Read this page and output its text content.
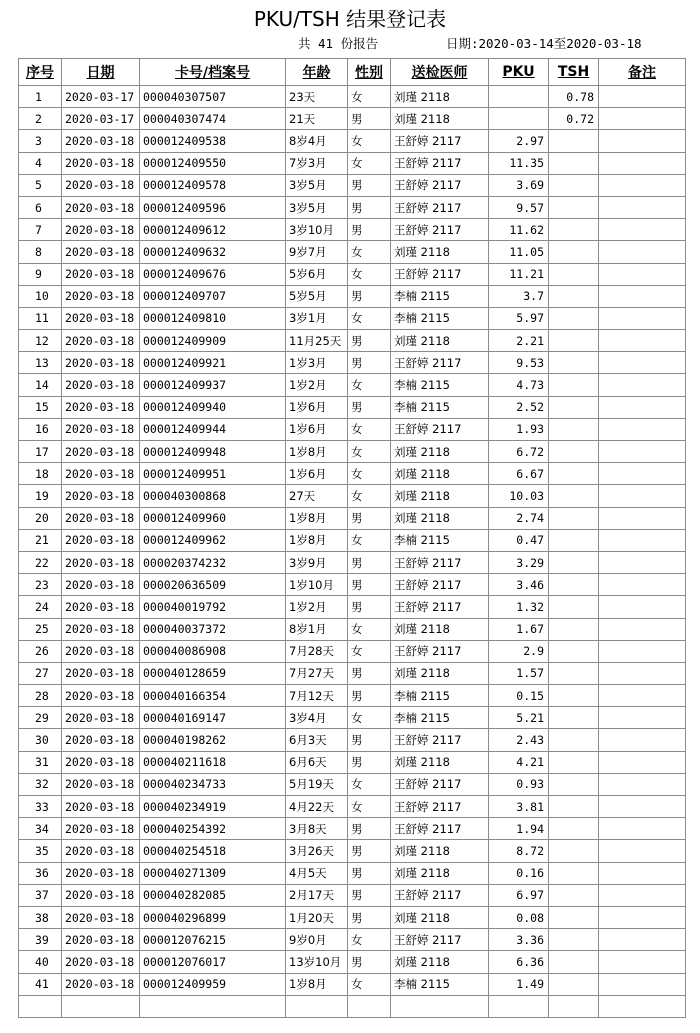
PKU/TSH 结果登记表
共 41 份报告	日期:2020-03-14至2020-03-18
序号	日期	卡号/档案号	年龄	性别	送检医师	PKU	TSH	备注
1	2020-03-17	000040307507	23天	女	刘瑾 2118		0.78	
2	2020-03-17	000040307474	21天	男	刘瑾 2118		0.72	
3	2020-03-18	000012409538	8岁4月	女	王舒婷 2117	2.97		
4	2020-03-18	000012409550	7岁3月	女	王舒婷 2117	11.35		
5	2020-03-18	000012409578	3岁5月	男	王舒婷 2117	3.69		
6	2020-03-18	000012409596	3岁5月	男	王舒婷 2117	9.57		
7	2020-03-18	000012409612	3岁10月	男	王舒婷 2117	11.62		
8	2020-03-18	000012409632	9岁7月	女	刘瑾 2118	11.05		
9	2020-03-18	000012409676	5岁6月	女	王舒婷 2117	11.21		
10	2020-03-18	000012409707	5岁5月	男	李楠 2115	3.7		
11	2020-03-18	000012409810	3岁1月	女	李楠 2115	5.97		
12	2020-03-18	000012409909	11月25天	男	刘瑾 2118	2.21		
13	2020-03-18	000012409921	1岁3月	男	王舒婷 2117	9.53		
14	2020-03-18	000012409937	1岁2月	女	李楠 2115	4.73		
15	2020-03-18	000012409940	1岁6月	男	李楠 2115	2.52		
16	2020-03-18	000012409944	1岁6月	女	王舒婷 2117	1.93		
17	2020-03-18	000012409948	1岁8月	女	刘瑾 2118	6.72		
18	2020-03-18	000012409951	1岁6月	女	刘瑾 2118	6.67		
19	2020-03-18	000040300868	27天	女	刘瑾 2118	10.03		
20	2020-03-18	000012409960	1岁8月	男	刘瑾 2118	2.74		
21	2020-03-18	000012409962	1岁8月	女	李楠 2115	0.47		
22	2020-03-18	000020374232	3岁9月	男	王舒婷 2117	3.29		
23	2020-03-18	000020636509	1岁10月	男	王舒婷 2117	3.46		
24	2020-03-18	000040019792	1岁2月	男	王舒婷 2117	1.32		
25	2020-03-18	000040037372	8岁1月	女	刘瑾 2118	1.67		
26	2020-03-18	000040086908	7月28天	女	王舒婷 2117	2.9		
27	2020-03-18	000040128659	7月27天	男	刘瑾 2118	1.57		
28	2020-03-18	000040166354	7月12天	男	李楠 2115	0.15		
29	2020-03-18	000040169147	3岁4月	女	李楠 2115	5.21		
30	2020-03-18	000040198262	6月3天	男	王舒婷 2117	2.43		
31	2020-03-18	000040211618	6月6天	男	刘瑾 2118	4.21		
32	2020-03-18	000040234733	5月19天	女	王舒婷 2117	0.93		
33	2020-03-18	000040234919	4月22天	女	王舒婷 2117	3.81		
34	2020-03-18	000040254392	3月8天	男	王舒婷 2117	1.94		
35	2020-03-18	000040254518	3月26天	男	刘瑾 2118	8.72		
36	2020-03-18	000040271309	4月5天	男	刘瑾 2118	0.16		
37	2020-03-18	000040282085	2月17天	男	王舒婷 2117	6.97		
38	2020-03-18	000040296899	1月20天	男	刘瑾 2118	0.08		
39	2020-03-18	000012076215	9岁0月	女	王舒婷 2117	3.36		
40	2020-03-18	000012076017	13岁10月	男	刘瑾 2118	6.36		
41	2020-03-18	000012409959	1岁8月	女	李楠 2115	1.49		
